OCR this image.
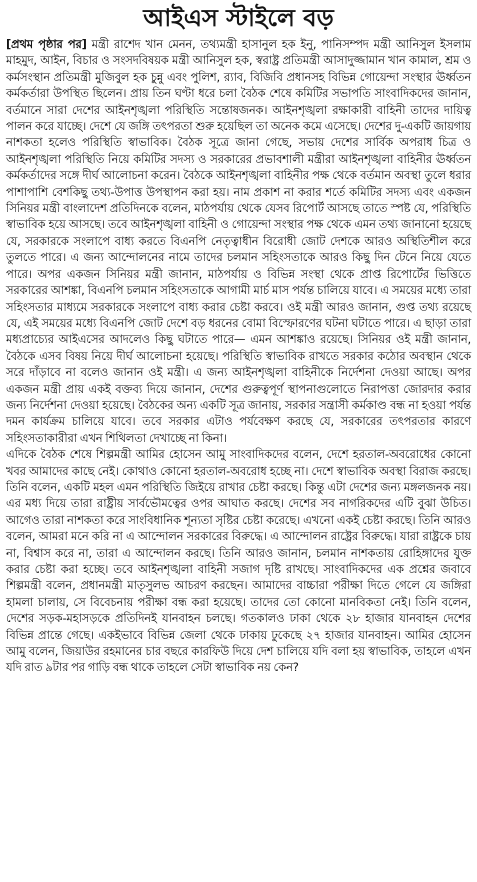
আইএস স্টাইলে বড়

[প্রথম পৃষ্ঠার পর] মন্ত্রী রাশেদ খান মেনন, তথ্যমন্ত্রী হাসানুল হক ইনু, পানিসম্পদ মন্ত্রী আনিসুল ইসলাম মাহমুদ, আইন, বিচার ও সংসদবিষয়ক মন্ত্রী আনিসুল হক, স্বরাষ্ট্র প্রতিমন্ত্রী আসাদুজ্জামান খান কামাল, শ্রম ও কর্মসংস্থান প্রতিমন্ত্রী মুজিবুল হক চুন্নু এবং পুলিশ, র‍্যাব, বিজিবি প্রধানসহ বিভিন্ন গোয়েন্দা সংস্থার ঊর্ধ্বতন কর্মকর্তারা উপস্থিত ছিলেন। প্রায় তিন ঘণ্টা ধরে চলা বৈঠক শেষে কমিটির সভাপতি সাংবাদিকদের জানান, বর্তমানে সারা দেশের আইনশৃঙ্খলা পরিস্থিতি সন্তোষজনক। আইনশৃঙ্খলা রক্ষাকারী বাহিনী তাদের দায়িত্ব পালন করে যাচ্ছে। দেশে যে জঙ্গি তৎপরতা শুরু হয়েছিল তা অনেক কমে এসেছে। দেশের দু-একটি জায়গায় নাশকতা হলেও পরিস্থিতি স্বাভাবিক। বৈঠক সূত্রে জানা গেছে, সভায় দেশের সার্বিক অপরাধ চিত্র ও আইনশৃঙ্খলা পরিস্থিতি নিয়ে কমিটির সদস্য ও সরকারের প্রভাবশালী মন্ত্রীরা আইনশৃঙ্খলা বাহিনীর ঊর্ধ্বতন কর্মকর্তাদের সঙ্গে দীর্ঘ আলোচনা করেন। বৈঠকে আইনশৃঙ্খলা বাহিনীর পক্ষ থেকে বর্তমান অবস্থা তুলে ধরার পাশাপাশি বেশকিছু তথ্য-উপাত্ত উপস্থাপন করা হয়। নাম প্রকাশ না করার শর্তে কমিটির সদস্য এবং একজন সিনিয়র মন্ত্রী বাংলাদেশ প্রতিদিনকে বলেন, মাঠপর্যায় থেকে যেসব রিপোর্ট আসছে তাতে স্পষ্ট যে, পরিস্থিতি স্বাভাবিক হয়ে আসছে। তবে আইনশৃঙ্খলা বাহিনী ও গোয়েন্দা সংস্থার পক্ষ থেকে এমন তথ্য জানানো হয়েছে যে, সরকারকে সংলাপে বাধ্য করতে বিএনপি নেতৃত্বাধীন বিরোধী জোট দেশকে আরও অস্থিতিশীল করে তুলতে পারে। এ জন্য আন্দোলনের নামে তাদের চলমান সহিংসতাকে আরও কিছু দিন টেনে নিয়ে যেতে পারে। অপর একজন সিনিয়র মন্ত্রী জানান, মাঠপর্যায় ও বিভিন্ন সংস্থা থেকে প্রাপ্ত রিপোর্টের ভিত্তিতে সরকারের আশঙ্কা, বিএনপি চলমান সহিংসতাকে আগামী মার্চ মাস পর্যন্ত চালিয়ে যাবে। এ সময়ের মধ্যে তারা সহিংসতার মাধ্যমে সরকারকে সংলাপে বাধ্য করার চেষ্টা করবে। ওই মন্ত্রী আরও জানান, গুপ্ত তথ্য রয়েছে যে, এই সময়ের মধ্যে বিএনপি জোট দেশে বড় ধরনের বোমা বিস্ফোরণের ঘটনা ঘটাতে পারে। এ ছাড়া তারা মধ্যপ্রাচ্যের আইএসের আদলেও কিছু ঘটাতে পারে— এমন আশঙ্কাও রয়েছে। সিনিয়র ওই মন্ত্রী জানান, বৈঠকে এসব বিষয় নিয়ে দীর্ঘ আলোচনা হয়েছে। পরিস্থিতি স্বাভাবিক রাখতে সরকার কঠোর অবস্থান থেকে সরে দাঁড়াবে না বলেও জানান ওই মন্ত্রী। এ জন্য আইনশৃঙ্খলা বাহিনীকে নির্দেশনা দেওয়া আছে। অপর একজন মন্ত্রী প্রায় একই বক্তব্য দিয়ে জানান, দেশের গুরুত্বপূর্ণ স্থাপনাগুলোতে নিরাপত্তা জোরদার করার জন্য নির্দেশনা দেওয়া হয়েছে। বৈঠকের অন্য একটি সূত্র জানায়, সরকার সন্ত্রাসী কর্মকাণ্ড বন্ধ না হওয়া পর্যন্ত দমন কার্যক্রম চালিয়ে যাবে। তবে সরকার এটাও পর্যবেক্ষণ করছে যে, সরকারের তৎপরতার কারণে সহিংসতাকারীরা এখন শিথিলতা দেখাচ্ছে না কিনা।

এদিকে বৈঠক শেষে শিল্পমন্ত্রী আমির হোসেন আমু সাংবাদিকদের বলেন, দেশে হরতাল-অবরোধের কোনো খবর আমাদের কাছে নেই। কোথাও কোনো হরতাল-অবরোধ হচ্ছে না। দেশে স্বাভাবিক অবস্থা বিরাজ করছে। তিনি বলেন, একটি মহল এমন পরিস্থিতি জিইয়ে রাখার চেষ্টা করছে। কিন্তু এটা দেশের জন্য মঙ্গলজনক নয়। এর মধ্য দিয়ে তারা রাষ্ট্রীয় সার্বভৌমত্বের ওপর আঘাত করছে। দেশের সব নাগরিকদের এটি বুঝা উচিত। আগেও তারা নাশকতা করে সাংবিধানিক শূন্যতা সৃষ্টির চেষ্টা করেছে। এখনো একই চেষ্টা করছে। তিনি আরও বলেন, আমরা মনে করি না এ আন্দোলন সরকারের বিরুদ্ধে। এ আন্দোলন রাষ্ট্রের বিরুদ্ধে। যারা রাষ্ট্রকে চায় না, বিশ্বাস করে না, তারা এ আন্দোলন করছে। তিনি আরও জানান, চলমান নাশকতায় রোহিঙ্গাদের যুক্ত করার চেষ্টা করা হচ্ছে। তবে আইনশৃঙ্খলা বাহিনী সজাগ দৃষ্টি রাখছে। সাংবাদিকদের এক প্রশ্নের জবাবে শিল্পমন্ত্রী বলেন, প্রধানমন্ত্রী মাতৃসুলভ আচরণ করছেন। আমাদের বাচ্চারা পরীক্ষা দিতে গেলে যে জঙ্গিরা হামলা চালায়, সে বিবেচনায় পরীক্ষা বন্ধ করা হয়েছে। তাদের তো কোনো মানবিকতা নেই। তিনি বলেন, দেশের সড়ক-মহাসড়কে প্রতিদিনই যানবাহন চলছে। গতকালও ঢাকা থেকে ২৮ হাজার যানবাহন দেশের বিভিন্ন প্রান্তে গেছে। একইভাবে বিভিন্ন জেলা থেকে ঢাকায় ঢুকেছে ২৭ হাজার যানবাহন। আমির হোসেন আমু বলেন, জিয়াউর রহমানের চার বছরে কারফিউ দিয়ে দেশ চালিয়ে যদি বলা হয় স্বাভাবিক, তাহলে এখন যদি রাত ৯টার পর গাড়ি বন্ধ থাকে তাহলে সেটা স্বাভাবিক নয় কেন?
